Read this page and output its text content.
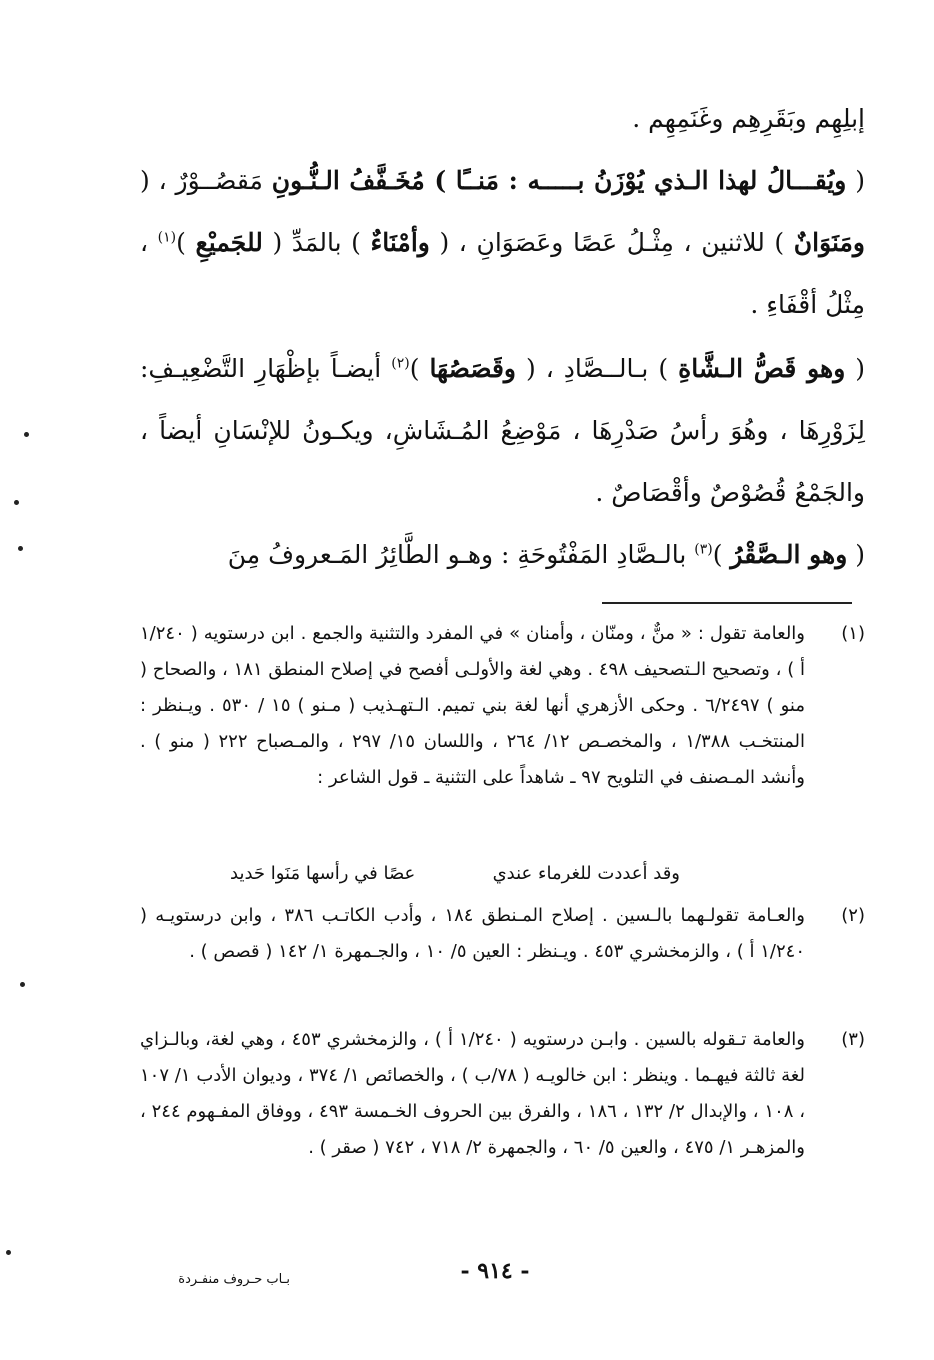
إبلِهِم وبَقَرِهِم وغَنَمِهِم .

( ويُقـــالُ لهذا الـذي يُوْزَنُ بـــــه : مَنــًا ) مُخَـفَّفُ الـنُّـونِ مَقصُــوْرٌ ، ( ومَنَوَانٌ ) للاثنين ، مِثْـلُ عَصًا وعَصَوَانِ ، ( وأمْنَاءٌ ) بالمَدِّ ( للجَميْعِ )$^{(١)}$ ، مِثْلُ أقْفَاءِ .

( وهو قَصُّ الـشَّاةِ ) بـالــصَّادِ ، ( وقَصَصُهَا )$^{(٢)}$ أيضـاً بإظْهَارِ التَّضْعِيـفِ: لِزَوْرِهَا ، وهُوَ رأسُ صَدْرِهَا ، مَوْضِعُ المُـشَاشِ، ويكـونُ للإنْسَانِ أيضاً ، والجَمْعُ قُصُوْصٌ وأقْصَاصٌ .

( وهو الـصَّقْرُ )$^{(٣)}$ بالـصَّادِ المَفْتُوحَةِ : وهـو الطَّائِرُ المَـعروفُ مِنَ

(١)
والعامة تقول : « منٌّ ، ومنّان ، وأمنان » في المفرد والتثنية والجمع . ابن درستويه ( ١/٢٤٠ أ ) ، وتصحيح الـتصحيف ٤٩٨ . وهي لغة والأولـى أفصح في إصلاح المنطق ١٨١ ، والصحاح ( منو ) ٦/٢٤٩٧ . وحكى الأزهري أنها لغة بني تميم. الـتهـذيب ( مـنو ) ١٥ / ٥٣٠ . ويـنظر : المنتخـب ١/٣٨٨ ، والمخصـص ١٢/ ٢٦٤ ، واللسان ١٥/ ٢٩٧ ، والمـصباح ٢٢٢ ( منو ) . وأنشد المـصنف في التلويح ٩٧ ـ شاهداً على التثنية ـ قول الشاعر :
وقد أعددت للغرماء عندي
عصًا في رأسها مَنَوا حَديد
(٢)
والعـامة تقولـهما بالـسين . إصلاح المـنطق ١٨٤ ، وأدب الكاتـب ٣٨٦ ، وابن درستويـه ( ١/٢٤٠ أ ) ، والزمخشري ٤٥٣ . ويـنظر : العين ٥/ ١٠ ، والجـمهرة ١/ ١٤٢ ( قصص ) .
(٣)
والعامة تـقوله بالسين . وابـن درستويه ( ١/٢٤٠ أ ) ، والزمخشري ٤٥٣ ، وهي لغة، وبالـزاي لغة ثالثة فيهـما . وينظر : ابن خالويـه ( ٧٨/ب ) ، والخصائص ١/ ٣٧٤ ، وديوان الأدب ١/ ١٠٧ ، ١٠٨ ، والإبدال ٢/ ١٣٢ ، ١٨٦ ، والفرق بين الحروف الخـمسة ٤٩٣ ، ووفاق المفـهوم ٢٤٤ ، والمزهـر ١/ ٤٧٥ ، والعين ٥/ ٦٠ ، والجمهرة ٢/ ٧١٨ ، ٧٤٢ ( صقر ) .
- ٩١٤ -
بـاب حـروف منفـردة
